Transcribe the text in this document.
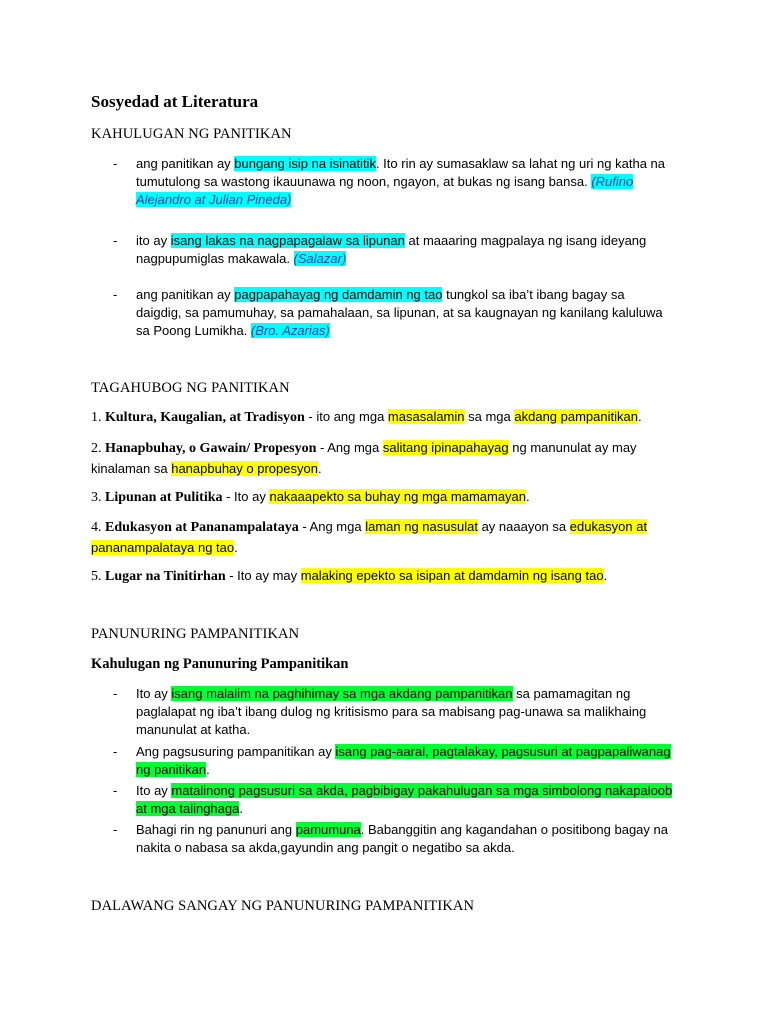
Sosyedad at Literatura
KAHULUGAN NG PANITIKAN
- ang panitikan ay bungang isip na isinatitik. Ito rin ay sumasaklaw sa lahat ng uri ng katha na tumutulong sa wastong ikauunawa ng noon, ngayon, at bukas ng isang bansa. (Rufino Alejandro at Julian Pineda)
- ito ay isang lakas na nagpapagalaw sa lipunan at maaaring magpalaya ng isang ideyang nagpupumiglas makawala. (Salazar)
- ang panitikan ay pagpapahayag ng damdamin ng tao tungkol sa iba’t ibang bagay sa daigdig, sa pamumuhay, sa pamahalaan, sa lipunan, at sa kaugnayan ng kanilang kaluluwa sa Poong Lumikha. (Bro. Azarias)
TAGAHUBOG NG PANITIKAN
1. Kultura, Kaugalian, at Tradisyon - ito ang mga masasalamin sa mga akdang pampanitikan.
2. Hanapbuhay, o Gawain/ Propesyon - Ang mga salitang ipinapahayag ng manunulat ay may kinalaman sa hanapbuhay o propesyon.
3. Lipunan at Pulitika - Ito ay nakaaapekto sa buhay ng mga mamamayan.
4. Edukasyon at Pananampalataya - Ang mga laman ng nasusulat ay naaayon sa edukasyon at pananampalataya ng tao.
5. Lugar na Tinitirhan - Ito ay may malaking epekto sa isipan at damdamin ng isang tao.
PANUNURING PAMPANITIKAN
Kahulugan ng Panunuring Pampanitikan
- Ito ay isang malalim na paghihimay sa mga akdang pampanitikan sa pamamagitan ng paglalapat ng iba’t ibang dulog ng kritisismo para sa mabisang pag-unawa sa malikhaing manunulat at katha.
- Ang pagsusuring pampanitikan ay isang pag-aaral, pagtalakay, pagsusuri at pagpapaliwanag ng panitikan.
- Ito ay matalinong pagsusuri sa akda, pagbibigay pakahulugan sa mga simbolong nakapaloob at mga talinghaga.
- Bahagi rin ng panunuri ang pamumuna. Babanggitin ang kagandahan o positibong bagay na nakita o nabasa sa akda,gayundin ang pangit o negatibo sa akda.
DALAWANG SANGAY NG PANUNURING PAMPANITIKAN
